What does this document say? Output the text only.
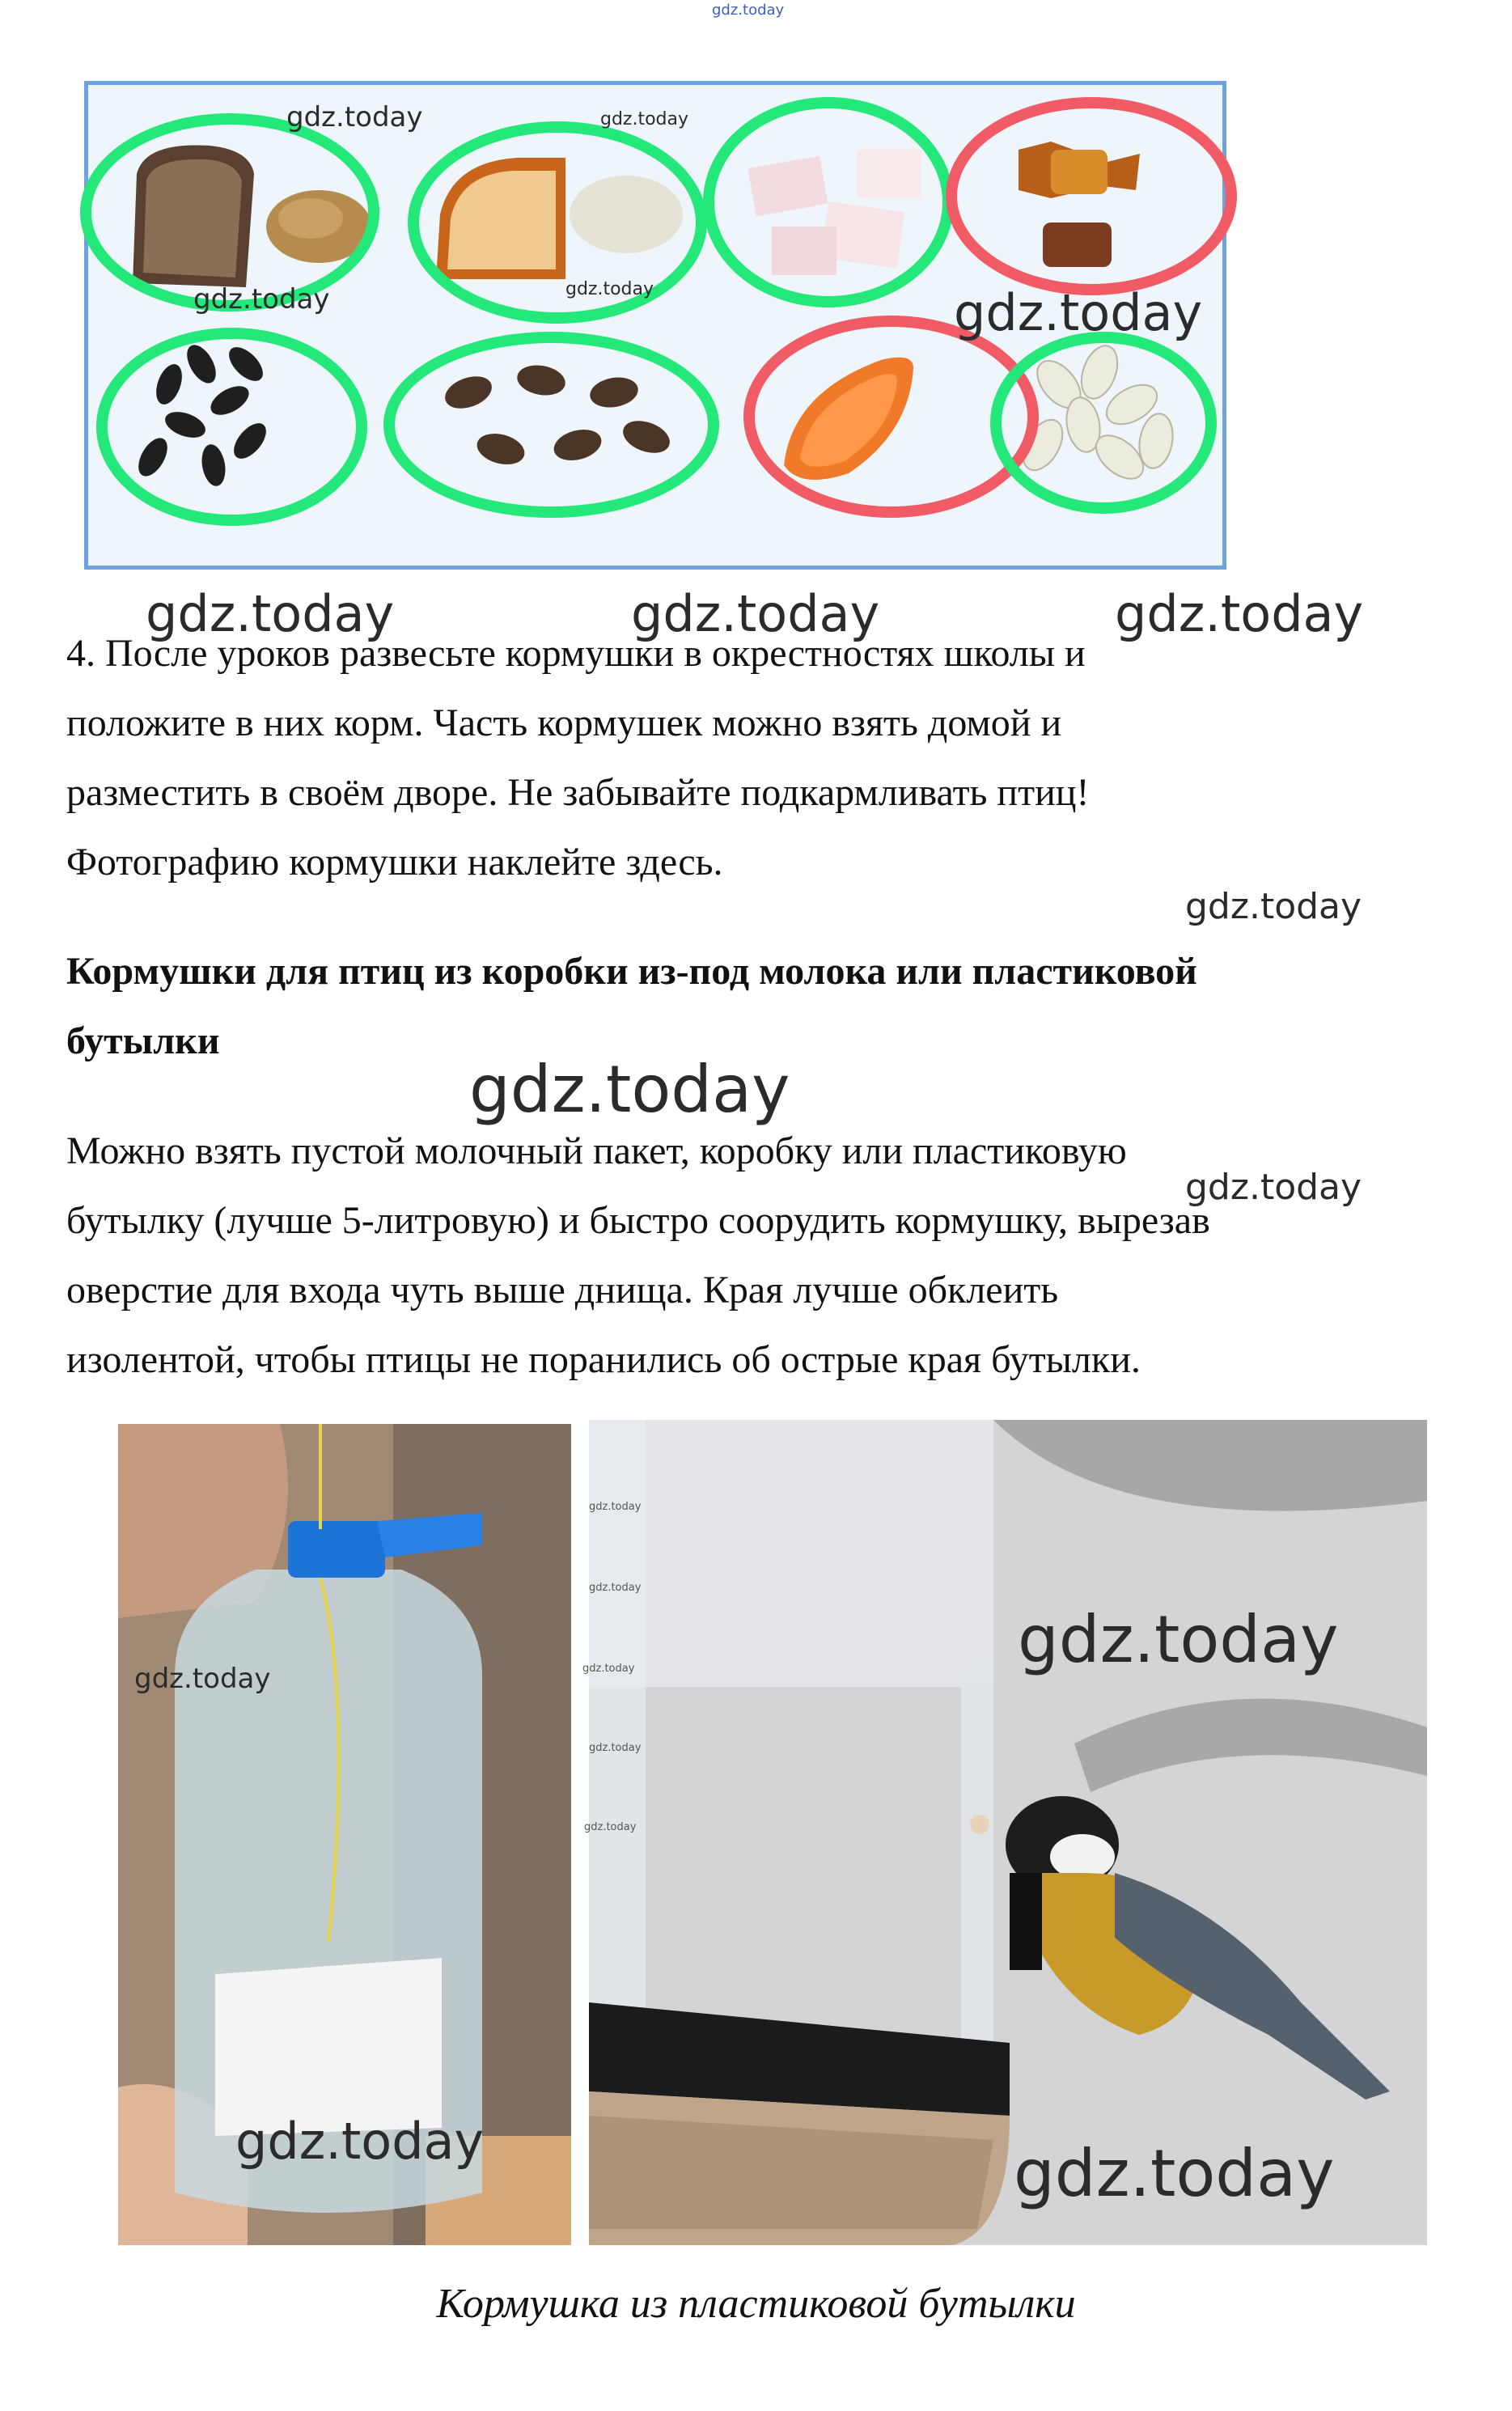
gdz.today
gdz.today	gdz.today
gdz.today	gdz.today	gdz.today
gdz.today	gdz.today	gdz.today

4. После уроков развесьте кормушки в окрестностях школы и

положите в них корм. Часть кормушек можно взять домой и

разместить в своём дворе. Не забывайте подкармливать птиц!

Фотографию кормушки наклейте здесь.

gdz.today

Кормушки для птиц из коробки из-под молока или пластиковой

бутылки

gdz.today

Можно взять пустой молочный пакет, коробку или пластиковую

бутылку (лучше 5-литровую) и быстро соорудить кормушку, вырезав

оверстие для входа чуть выше днища. Края лучше обклеить

изолентой, чтобы птицы не поранились об острые края бутылки.

gdz.today
gdz.today
gdz.today
gdz.today
gdz.today
gdz.today
gdz.today
gdz.today
gdz.today
gdz.today
Кормушка из пластиковой бутылки
